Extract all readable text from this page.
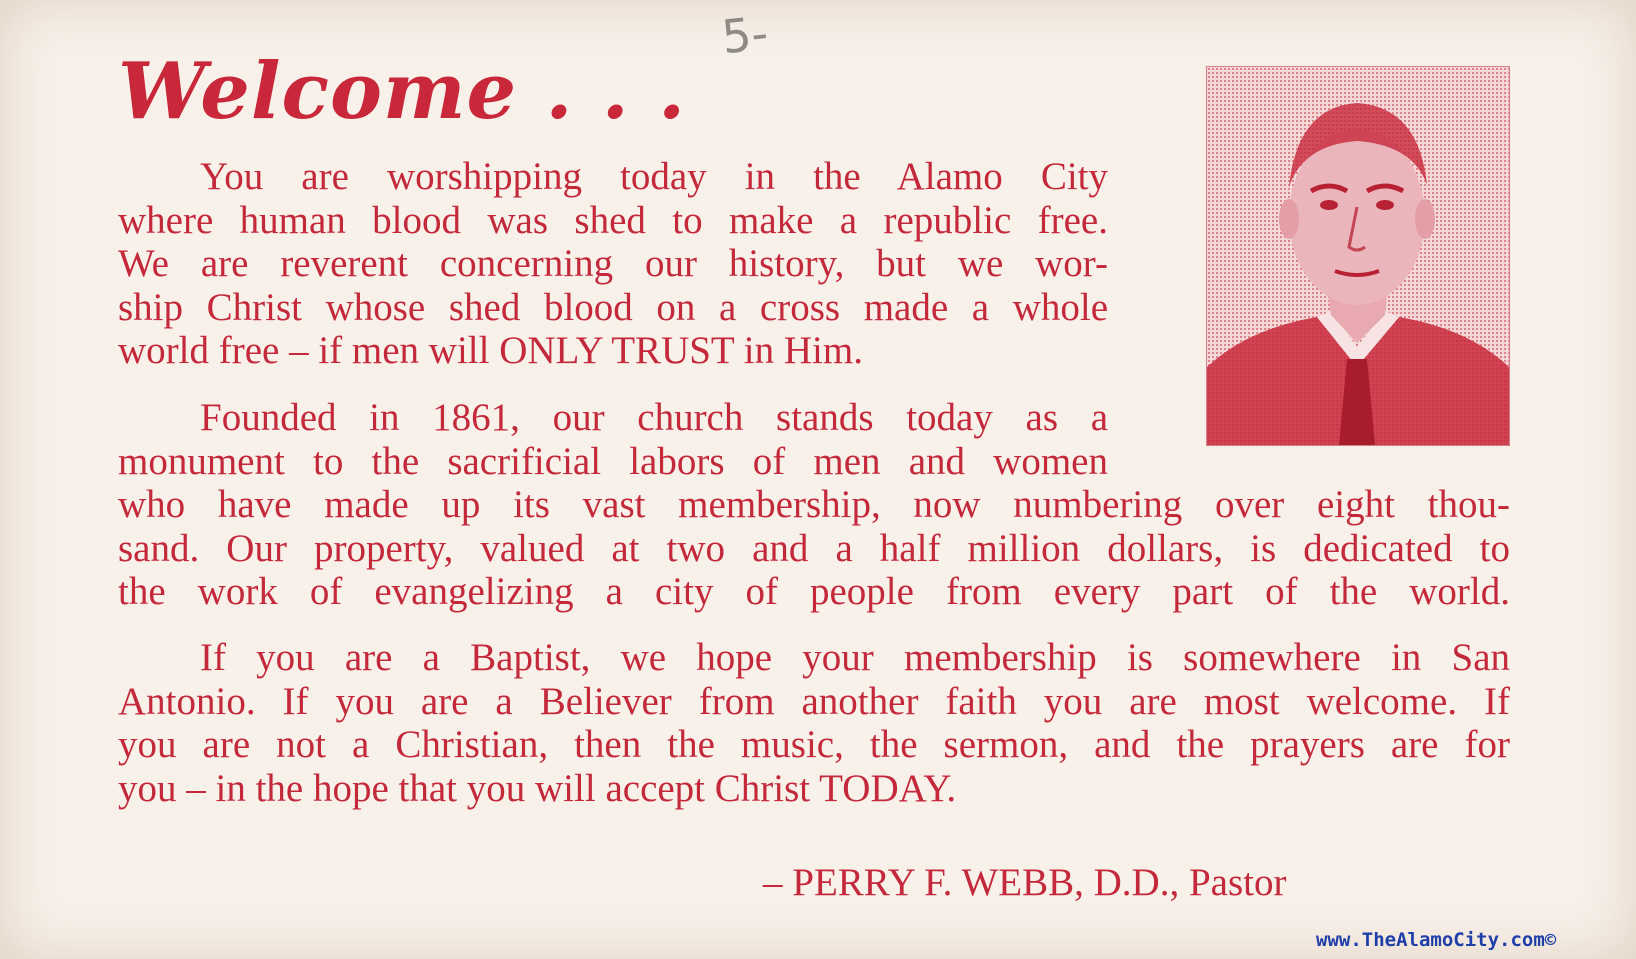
5-
Welcome . . .
You are worshipping today in the Alamo City
where human blood was shed to make a republic free.
We are reverent concerning our history, but we wor-
ship Christ whose shed blood on a cross made a whole
world free – if men will ONLY TRUST in Him.
Founded in 1861, our church stands today as a
monument to the sacrificial labors of men and women
who have made up its vast membership, now numbering over eight thou-
sand. Our property, valued at two and a half million dollars, is dedicated to
the work of evangelizing a city of people from every part of the world.
If you are a Baptist, we hope your membership is somewhere in San
Antonio. If you are a Believer from another faith you are most welcome. If
you are not a Christian, then the music, the sermon, and the prayers are for
you – in the hope that you will accept Christ TODAY.
– PERRY F. WEBB, D.D., Pastor
www.TheAlamoCity.com©
